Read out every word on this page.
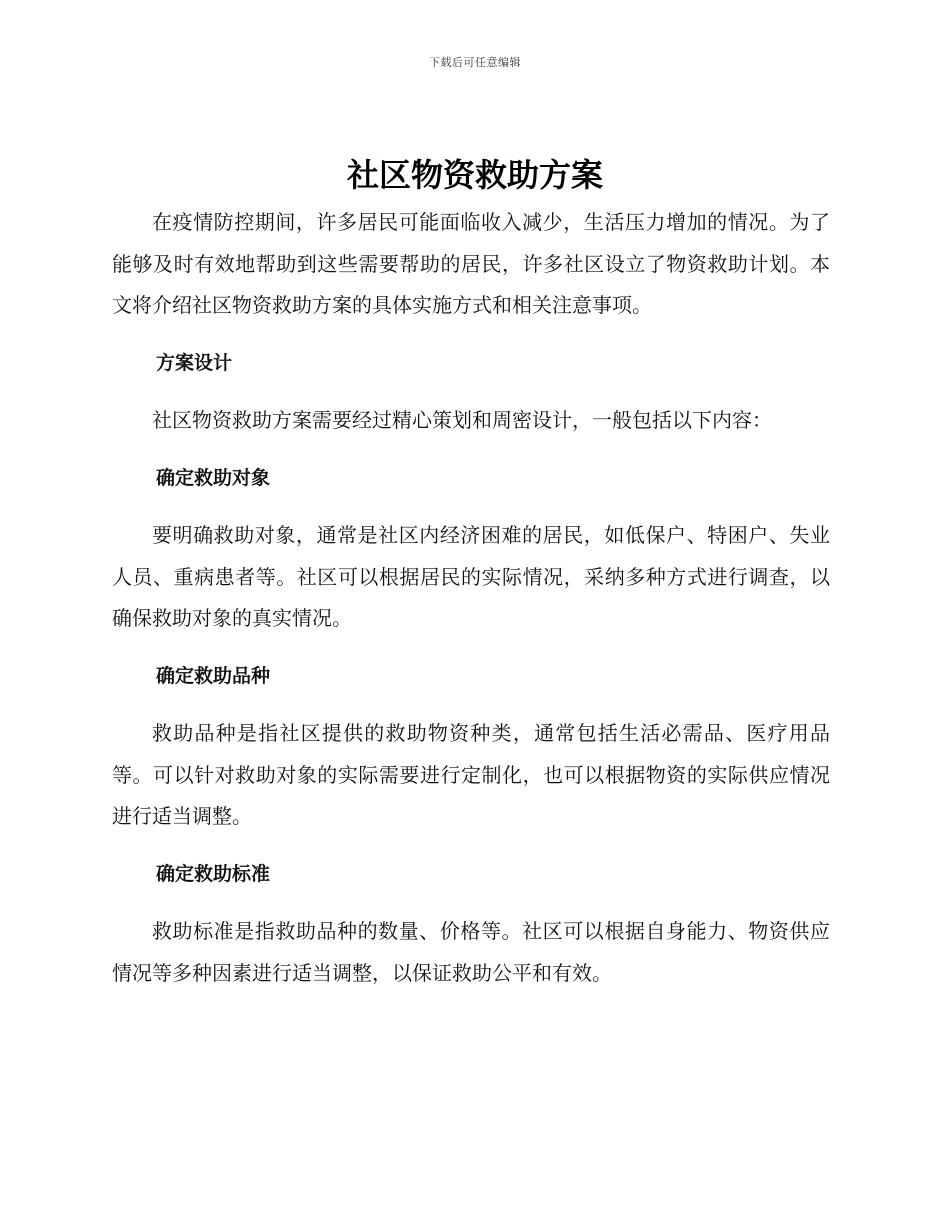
下载后可任意编辑
社区物资救助方案

在疫情防控期间，许多居民可能面临收入减少，生活压力增加的情况。为了能够及时有效地帮助到这些需要帮助的居民，许多社区设立了物资救助计划。本文将介绍社区物资救助方案的具体实施方式和相关注意事项。

方案设计

社区物资救助方案需要经过精心策划和周密设计，一般包括以下内容：

确定救助对象

要明确救助对象，通常是社区内经济困难的居民，如低保户、特困户、失业人员、重病患者等。社区可以根据居民的实际情况，采纳多种方式进行调查，以确保救助对象的真实情况。

确定救助品种

救助品种是指社区提供的救助物资种类，通常包括生活必需品、医疗用品等。可以针对救助对象的实际需要进行定制化，也可以根据物资的实际供应情况进行适当调整。

确定救助标准

救助标准是指救助品种的数量、价格等。社区可以根据自身能力、物资供应情况等多种因素进行适当调整，以保证救助公平和有效。
